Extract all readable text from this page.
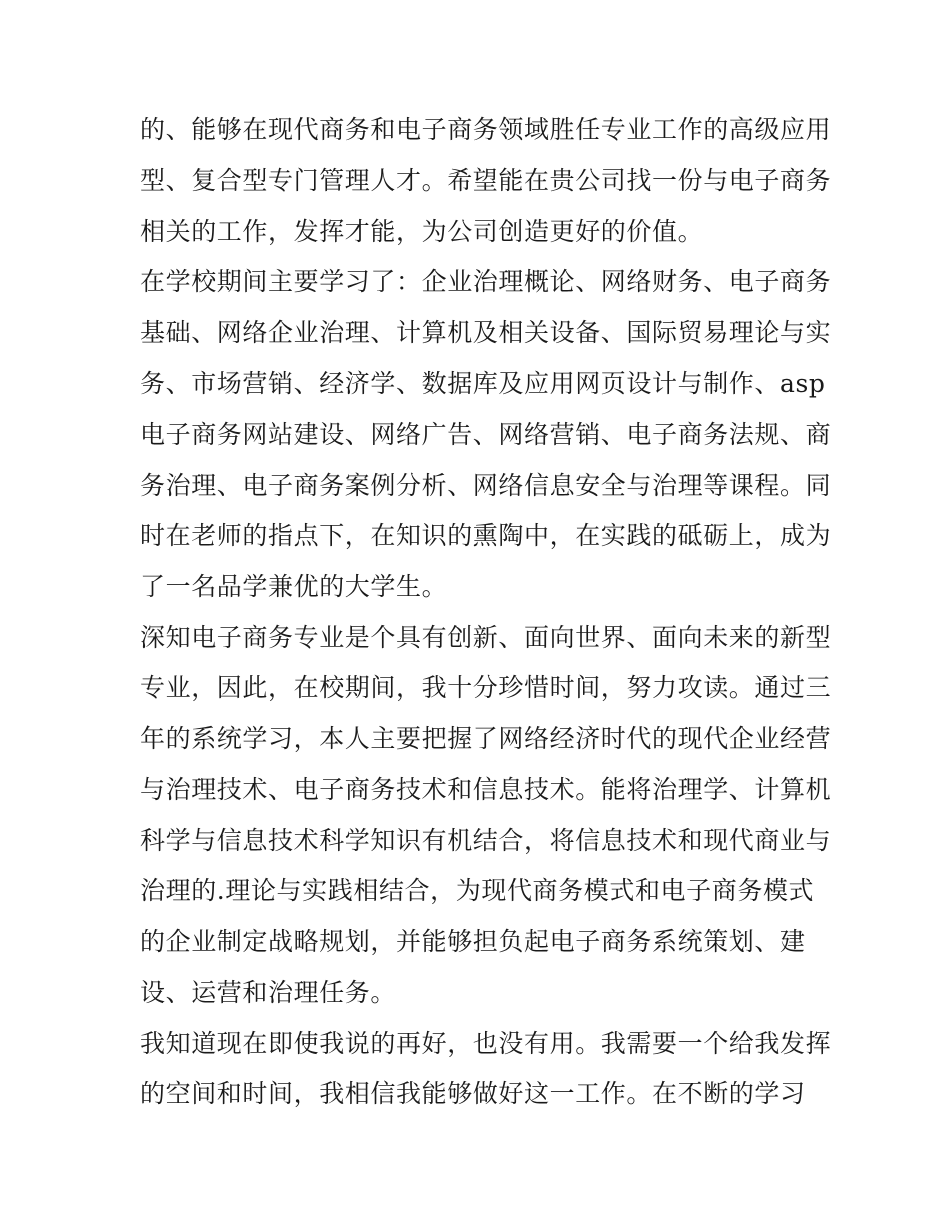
的、能够在现代商务和电子商务领域胜任专业工作的高级应用
型、复合型专门管理人才。希望能在贵公司找一份与电子商务
相关的工作，发挥才能，为公司创造更好的价值。
在学校期间主要学习了：企业治理概论、网络财务、电子商务
基础、网络企业治理、计算机及相关设备、国际贸易理论与实
务、市场营销、经济学、数据库及应用网页设计与制作、asp
电子商务网站建设、网络广告、网络营销、电子商务法规、商
务治理、电子商务案例分析、网络信息安全与治理等课程。同
时在老师的指点下，在知识的熏陶中，在实践的砥砺上，成为
了一名品学兼优的大学生。
深知电子商务专业是个具有创新、面向世界、面向未来的新型
专业，因此，在校期间，我十分珍惜时间，努力攻读。通过三
年的系统学习，本人主要把握了网络经济时代的现代企业经营
与治理技术、电子商务技术和信息技术。能将治理学、计算机
科学与信息技术科学知识有机结合，将信息技术和现代商业与
治理的.理论与实践相结合，为现代商务模式和电子商务模式
的企业制定战略规划，并能够担负起电子商务系统策划、建
设、运营和治理任务。
我知道现在即使我说的再好，也没有用。我需要一个给我发挥
的空间和时间，我相信我能够做好这一工作。在不断的学习
